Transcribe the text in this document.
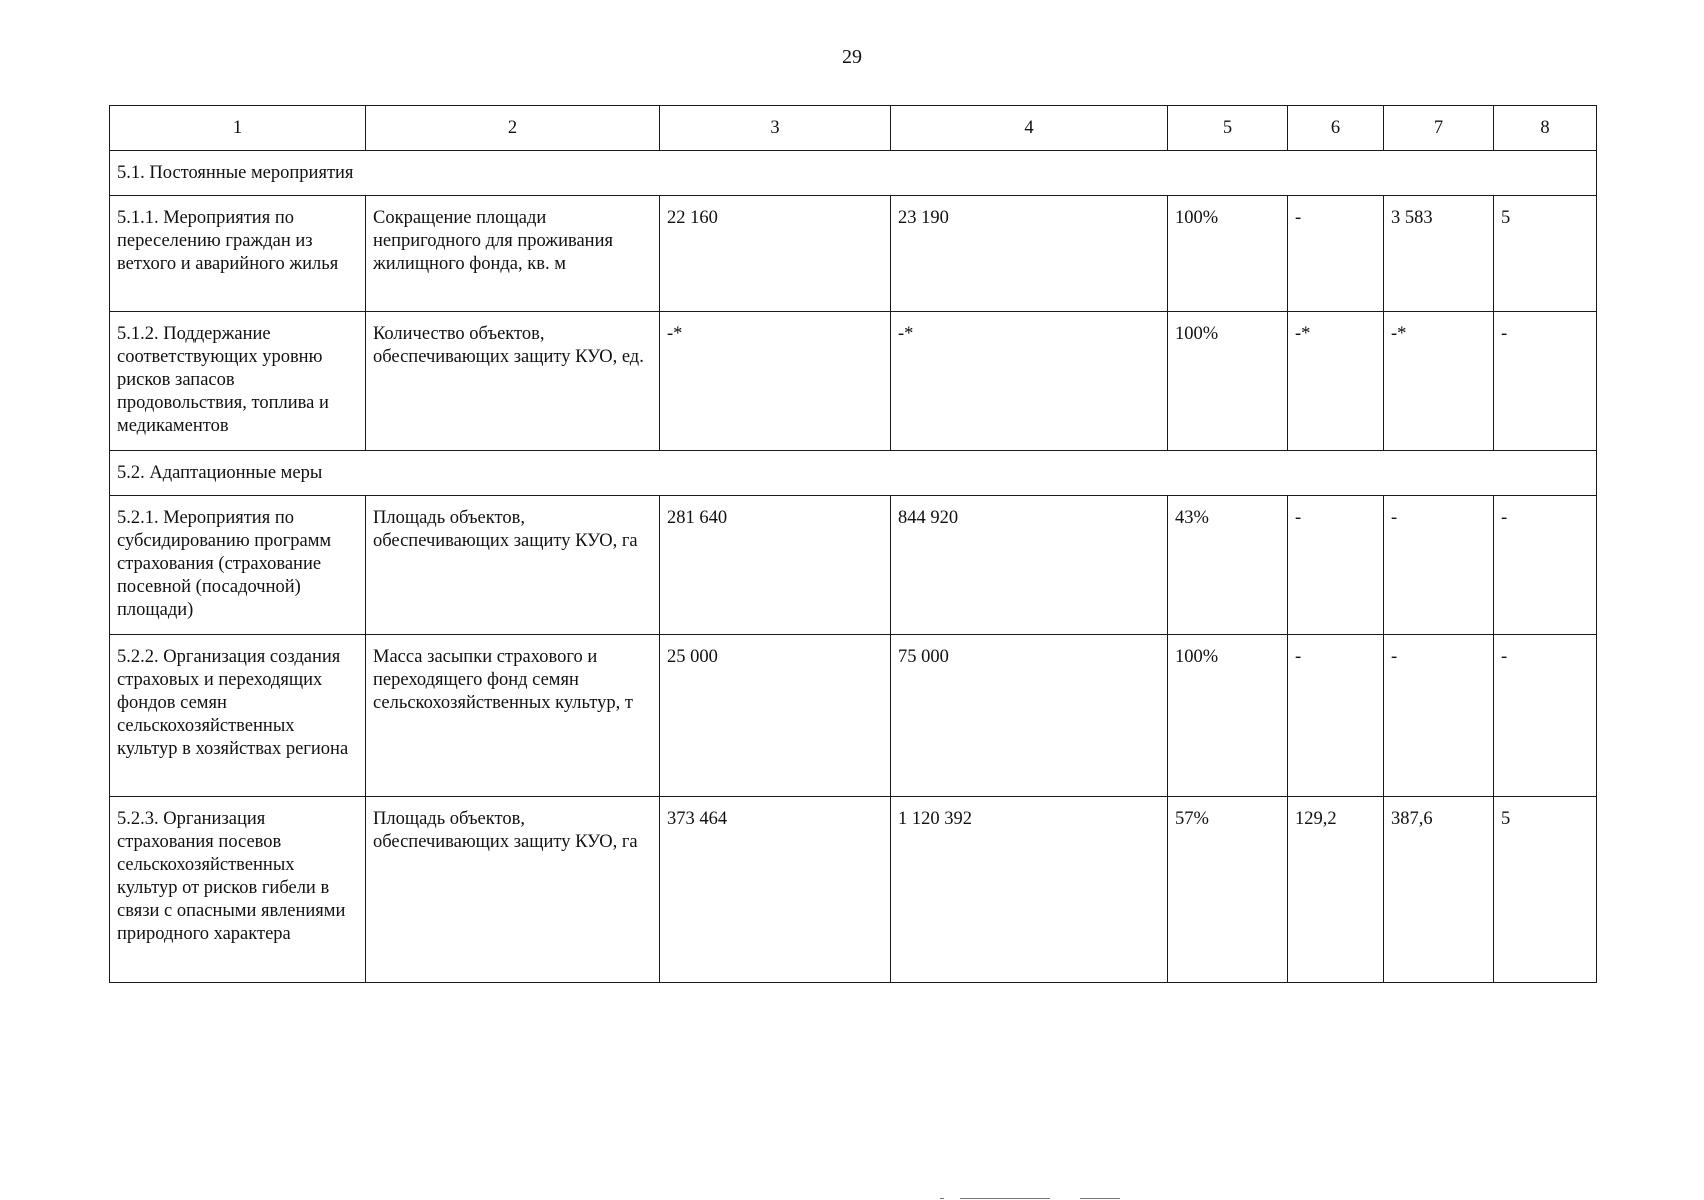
29
1	2	3	4	5	6	7	8
5.1. Постоянные мероприятия							
5.1.1. Мероприятия по переселению граждан из ветхого и аварийного жилья	Сокращение площади непригодного для проживания жилищного фонда, кв. м	22 160	23 190	100%	-	3 583	5
5.1.2. Поддержание соответствующих уровню рисков запасов продовольствия, топлива и медикаментов	Количество объектов, обеспечивающих защиту КУО, ед.	-*	-*	100%	-*	-*	-
5.2. Адаптационные меры							
5.2.1. Мероприятия по субсидированию программ страхования (страхование посевной (посадочной) площади)	Площадь объектов, обеспечивающих защиту КУО, га	281 640	844 920	43%	-	-	-
5.2.2. Организация создания страховых и переходящих фондов семян сельскохозяйственных культур в хозяйствах региона	Масса засыпки страхового и переходящего фонд семян сельскохозяйственных культур, т	25 000	75 000	100%	-	-	-
5.2.3. Организация страхования посевов сельскохозяйственных культур от рисков гибели в связи с опасными явлениями природного характера	Площадь объектов, обеспечивающих защиту КУО, га	373 464	1 120 392	57%	129,2	387,6	5
